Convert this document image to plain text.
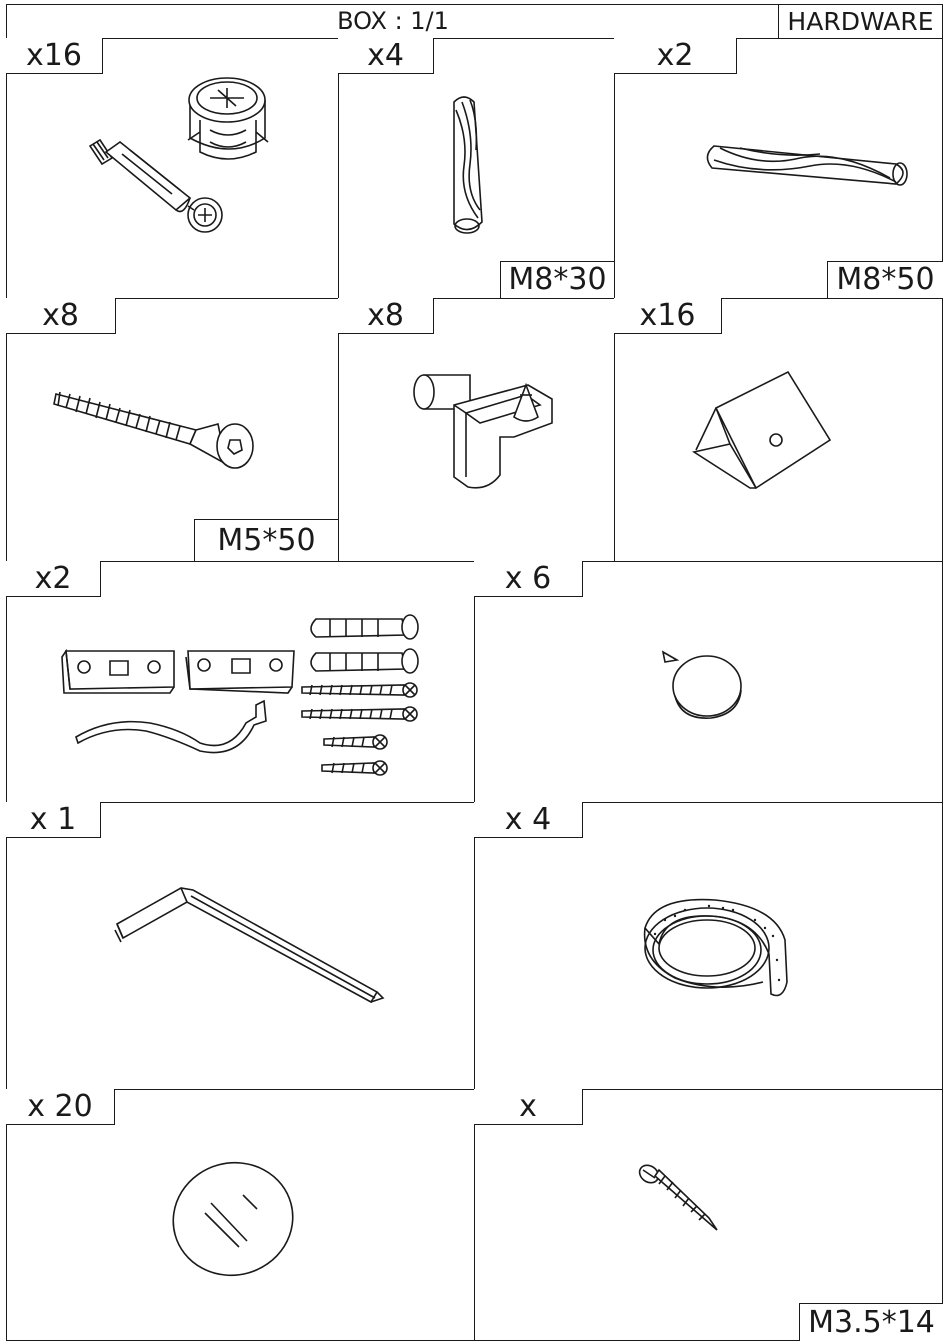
BOX : 1/1	HARDWARE
x16	x4	x2
x8	x8	x16
x2	x 6
x 1	x 4
x 20	x
M8*30	M8*50
M5*50
M3.5*14
